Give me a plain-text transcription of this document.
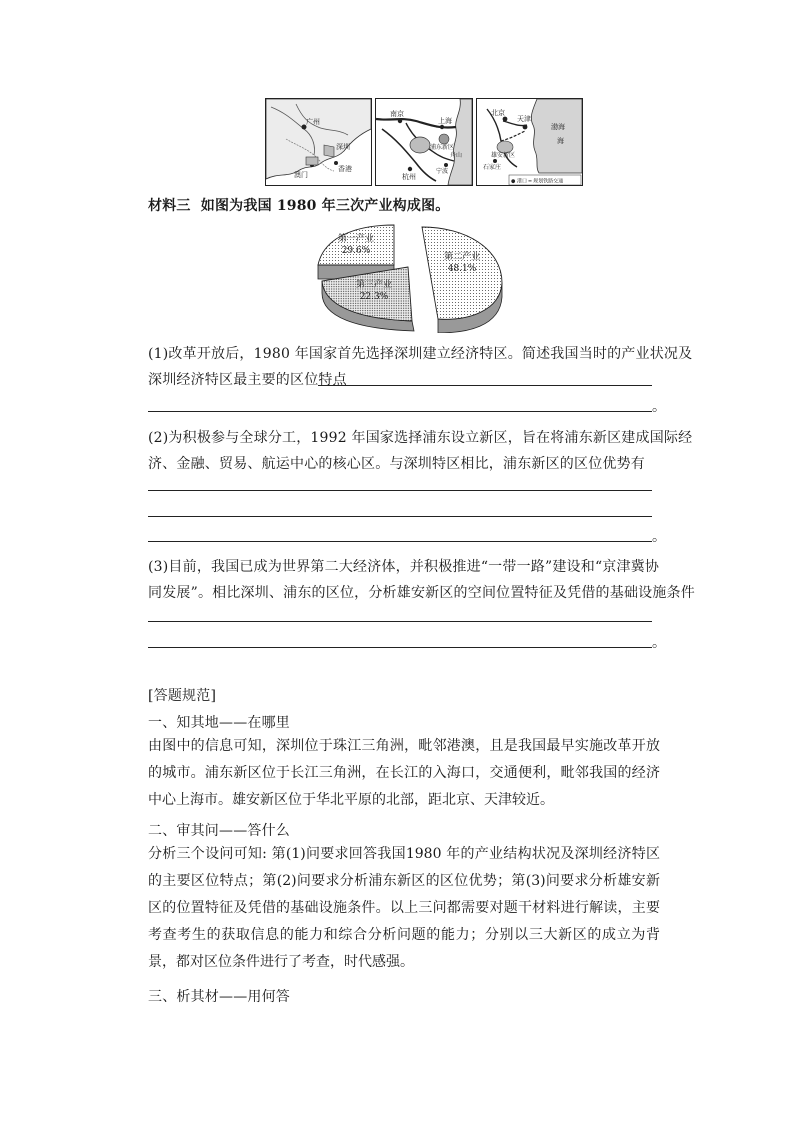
广州
深圳
香港
澳门
南京
上海
浦东新区
杭州
宁波
舟山
北京
天津
渤海
雄安新区
石家庄
海
● 港口 ━ 规划铁路交通
材料三 如图为我国 1980 年三次产业构成图。
第一产业
29.6%
第二产业
48.1%
第三产业
22.3%
(1)改革开放后，1980 年国家首先选择深圳建立经济特区。简述我国当时的产业状况及
深圳经济特区最主要的区位特点
。
(2)为积极参与全球分工，1992 年国家选择浦东设立新区，旨在将浦东新区建成国际经
济、金融、贸易、航运中心的核心区。与深圳特区相比，浦东新区的区位优势有
。
(3)目前，我国已成为世界第二大经济体，并积极推进“一带一路”建设和“京津冀协
同发展”。相比深圳、浦东的区位，分析雄安新区的空间位置特征及凭借的基础设施条件
。
[答题规范]
一、知其地——在哪里
由图中的信息可知，深圳位于珠江三角洲，毗邻港澳，且是我国最早实施改革开放的城市。浦东新区位于长江三角洲，在长江的入海口，交通便利，毗邻我国的经济中心上海市。雄安新区位于华北平原的北部，距北京、天津较近。
二、审其问——答什么
分析三个设问可知: 第(1)问要求回答我国1980 年的产业结构状况及深圳经济特区的主要区位特点；第(2)问要求分析浦东新区的区位优势；第(3)问要求分析雄安新区的位置特征及凭借的基础设施条件。以上三问都需要对题干材料进行解读，主要考查考生的获取信息的能力和综合分析问题的能力；分别以三大新区的成立为背景，都对区位条件进行了考查，时代感强。
三、析其材——用何答
